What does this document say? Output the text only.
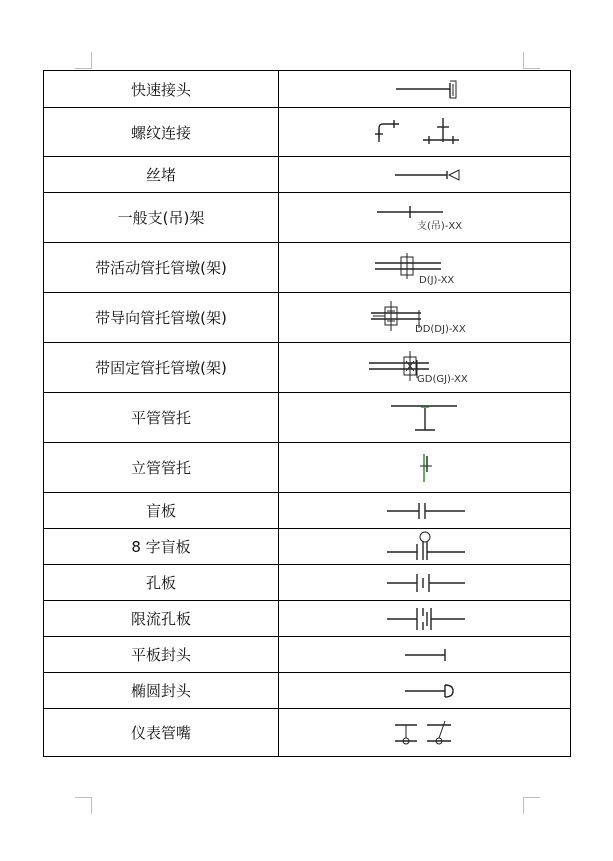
快速接头	

螺纹连接	

丝堵	

一般支(吊)架	支(吊)-XX

带活动管托管墩(架)	D(J)-XX

带导向管托管墩(架)	DD(DJ)-XX

带固定管托管墩(架)	GD(GJ)-XX

平管管托	

立管管托	

盲板	

8 字盲板	

孔板	

限流孔板	

平板封头	

椭圆封头	

仪表管嘴	
